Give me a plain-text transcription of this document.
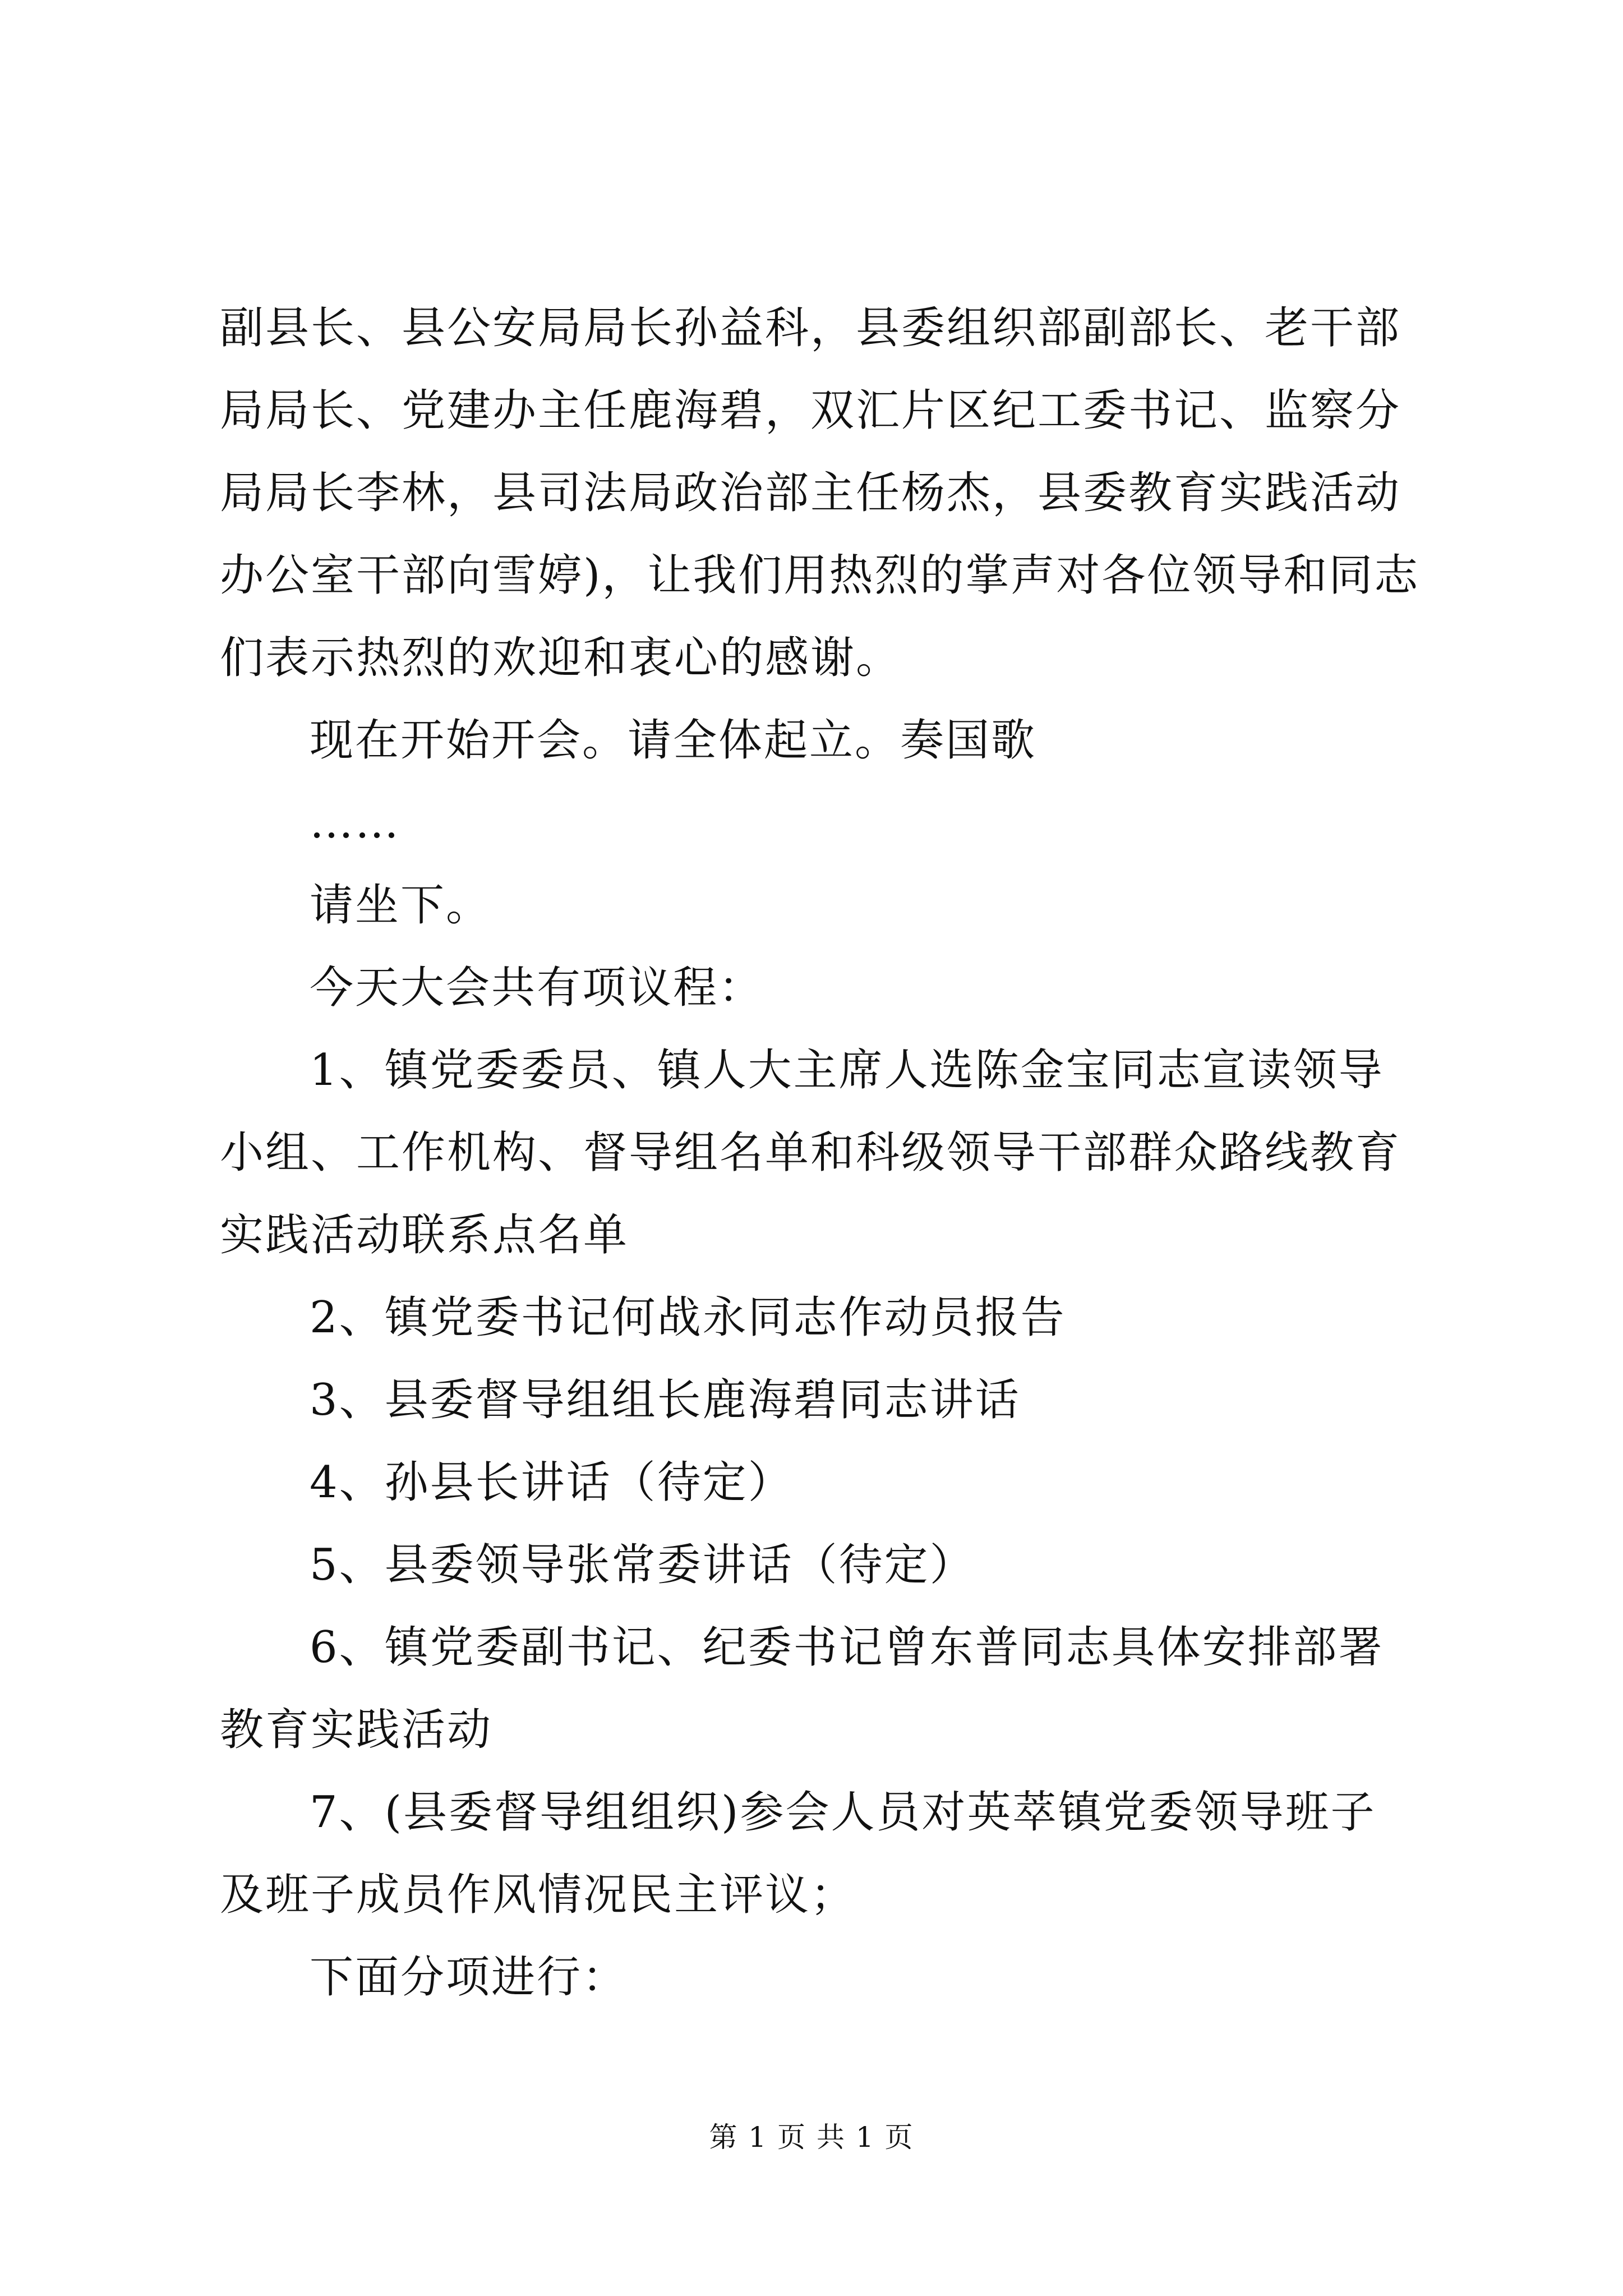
副县长、县公安局局长孙益科，县委组织部副部长、老干部局局长、党建办主任鹿海碧，双汇片区纪工委书记、监察分局局长李林，县司法局政治部主任杨杰，县委教育实践活动办公室干部向雪婷)，让我们用热烈的掌声对各位领导和同志们表示热烈的欢迎和衷心的感谢。

现在开始开会。请全体起立。奏国歌

……

请坐下。

今天大会共有项议程：

1、镇党委委员、镇人大主席人选陈金宝同志宣读领导小组、工作机构、督导组名单和科级领导干部群众路线教育实践活动联系点名单

2、镇党委书记何战永同志作动员报告

3、县委督导组组长鹿海碧同志讲话

4、孙县长讲话（待定）

5、县委领导张常委讲话（待定）

6、镇党委副书记、纪委书记曾东普同志具体安排部署教育实践活动

7、(县委督导组组织)参会人员对英萃镇党委领导班子及班子成员作风情况民主评议；

下面分项进行：

第 1 页 共 1 页
